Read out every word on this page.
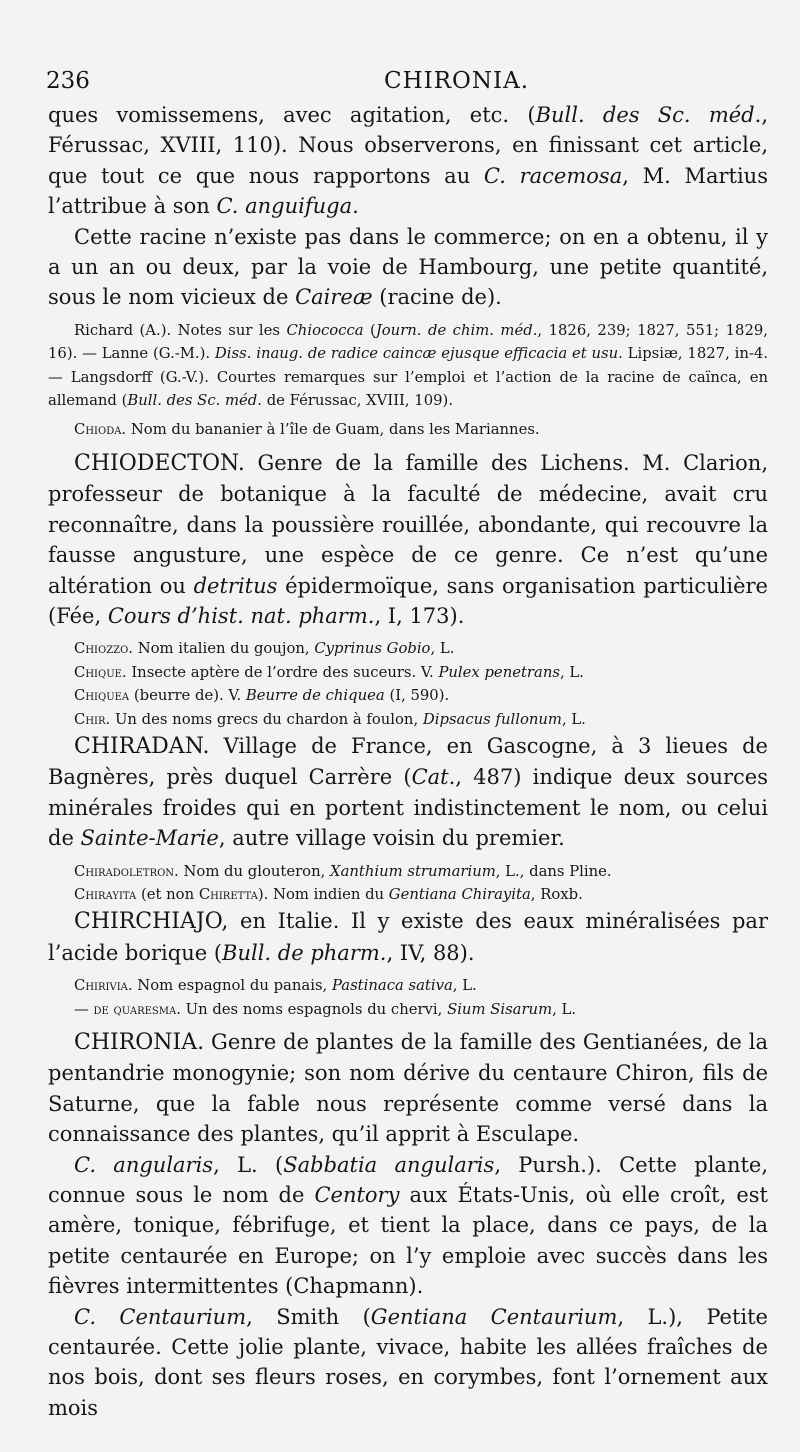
236	CHIRONIA.

ques vomissemens, avec agitation, etc. (Bull. des Sc. méd., Férussac, XVIII, 110). Nous observerons, en finissant cet article, que tout ce que nous rapportons au C. racemosa, M. Martius l’attribue à son C. anguifuga.

Cette racine n’existe pas dans le commerce; on en a obtenu, il y a un an ou deux, par la voie de Hambourg, une petite quantité, sous le nom vicieux de Caireæ (racine de).

Richard (A.). Notes sur les Chiococca (Journ. de chim. méd., 1826, 239; 1827, 551; 1829, 16). — Lanne (G.-M.). Diss. inaug. de radice caincæ ejusque efficacia et usu. Lipsiæ, 1827, in-4. — Langsdorff (G.-V.). Courtes remarques sur l’emploi et l’action de la racine de caïnca, en allemand (Bull. des Sc. méd. de Férussac, XVIII, 109).

Chioda. Nom du bananier à l’île de Guam, dans les Mariannes.

CHIODECTON. Genre de la famille des Lichens. M. Clarion, professeur de botanique à la faculté de médecine, avait cru reconnaître, dans la poussière rouillée, abondante, qui recouvre la fausse angusture, une espèce de ce genre. Ce n’est qu’une altération ou detritus épidermoïque, sans organisation particulière (Fée, Cours d’hist. nat. pharm., I, 173).

Chiozzo. Nom italien du goujon, Cyprinus Gobio, L.

Chique. Insecte aptère de l’ordre des suceurs. V. Pulex penetrans, L.

Chiquea (beurre de). V. Beurre de chiquea (I, 590).

Chir. Un des noms grecs du chardon à foulon, Dipsacus fullonum, L.

CHIRADAN. Village de France, en Gascogne, à 3 lieues de Bagnères, près duquel Carrère (Cat., 487) indique deux sources minérales froides qui en portent indistinctement le nom, ou celui de Sainte-Marie, autre village voisin du premier.

Chiradoletron. Nom du glouteron, Xanthium strumarium, L., dans Pline.

Chirayita (et non Chiretta). Nom indien du Gentiana Chirayita, Roxb.

CHIRCHIAJO, en Italie. Il y existe des eaux minéralisées par l’acide borique (Bull. de pharm., IV, 88).

Chirivia. Nom espagnol du panais, Pastinaca sativa, L.

— de quaresma. Un des noms espagnols du chervi, Sium Sisarum, L.

CHIRONIA. Genre de plantes de la famille des Gentianées, de la pentandrie monogynie; son nom dérive du centaure Chiron, fils de Saturne, que la fable nous représente comme versé dans la connaissance des plantes, qu’il apprit à Esculape.

C. angularis, L. (Sabbatia angularis, Pursh.). Cette plante, connue sous le nom de Centory aux États-Unis, où elle croît, est amère, tonique, fébrifuge, et tient la place, dans ce pays, de la petite centaurée en Europe; on l’y emploie avec succès dans les fièvres intermittentes (Chapmann).

C. Centaurium, Smith (Gentiana Centaurium, L.), Petite centaurée. Cette jolie plante, vivace, habite les allées fraîches de nos bois, dont ses fleurs roses, en corymbes, font l’ornement aux mois
